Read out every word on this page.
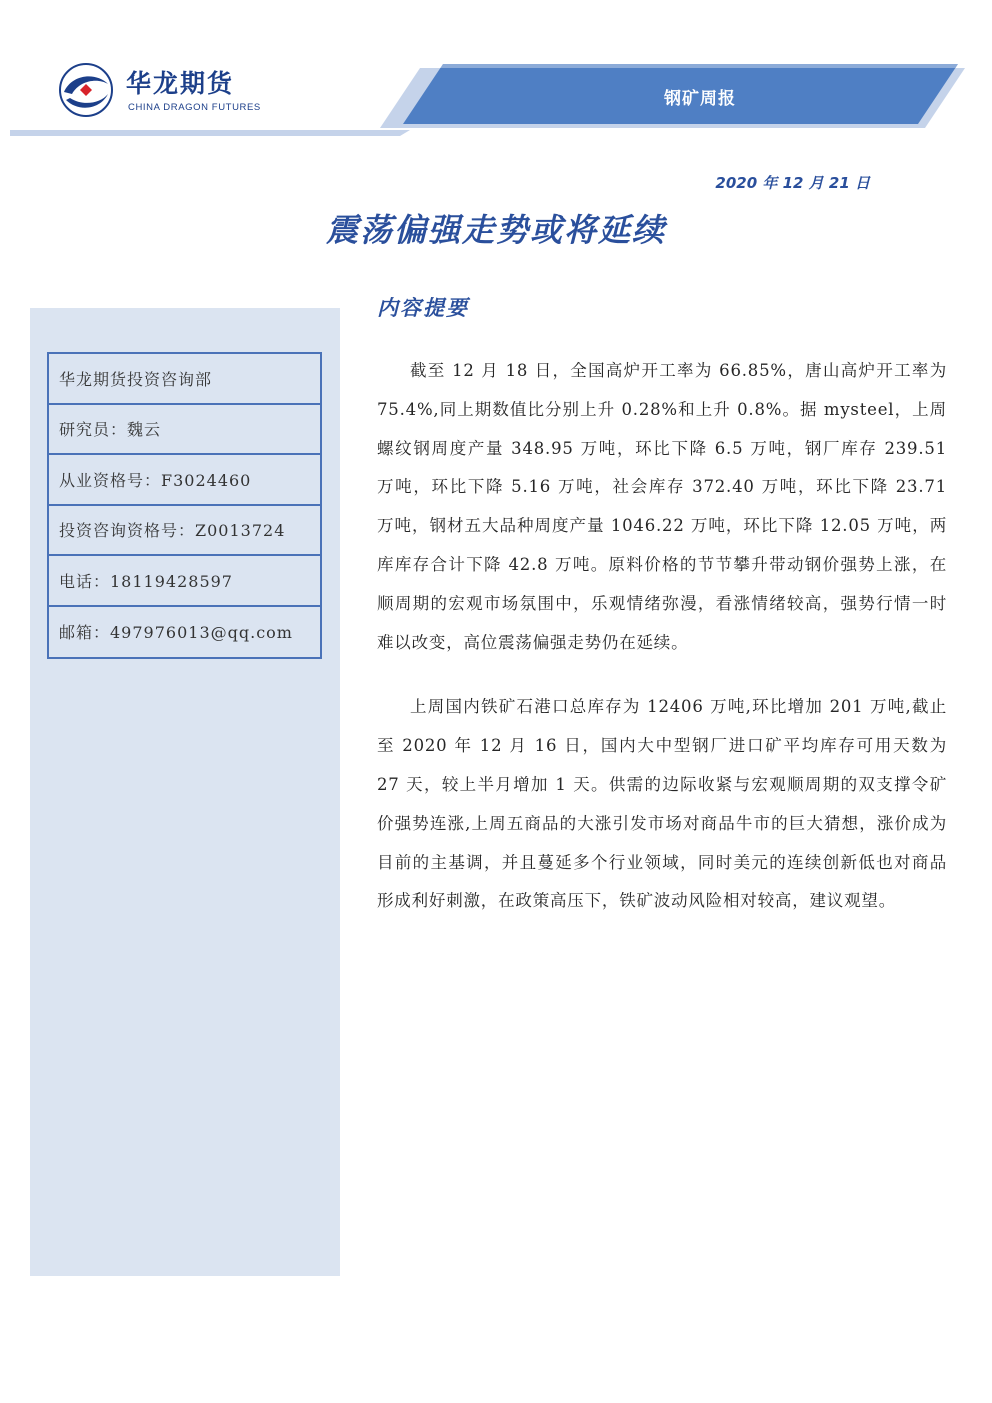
华龙期货
CHINA DRAGON FUTURES	钢矿周报
2020 年 12 月 21 日
震荡偏强走势或将延续
华龙期货投资咨询部
研究员：魏云
从业资格号：F3024460
投资咨询资格号：Z0013724
电话：18119428597
邮箱：497976013@qq.com
内容提要

截至 12 月 18 日，全国高炉开工率为 66.85%，唐山高炉开工率为 75.4%,同上期数值比分别上升 0.28%和上升 0.8%。据 mysteel，上周螺纹钢周度产量 348.95 万吨，环比下降 6.5 万吨，钢厂库存 239.51 万吨，环比下降 5.16 万吨，社会库存 372.40 万吨，环比下降 23.71 万吨，钢材五大品种周度产量 1046.22 万吨，环比下降 12.05 万吨，两库库存合计下降 42.8 万吨。原料价格的节节攀升带动钢价强势上涨，在顺周期的宏观市场氛围中，乐观情绪弥漫，看涨情绪较高，强势行情一时难以改变，高位震荡偏强走势仍在延续。

上周国内铁矿石港口总库存为 12406 万吨,环比增加 201 万吨,截止至 2020 年 12 月 16 日，国内大中型钢厂进口矿平均库存可用天数为 27 天，较上半月增加 1 天。供需的边际收紧与宏观顺周期的双支撑令矿价强势连涨,上周五商品的大涨引发市场对商品牛市的巨大猜想，涨价成为目前的主基调，并且蔓延多个行业领域，同时美元的连续创新低也对商品形成利好刺激，在政策高压下，铁矿波动风险相对较高，建议观望。
